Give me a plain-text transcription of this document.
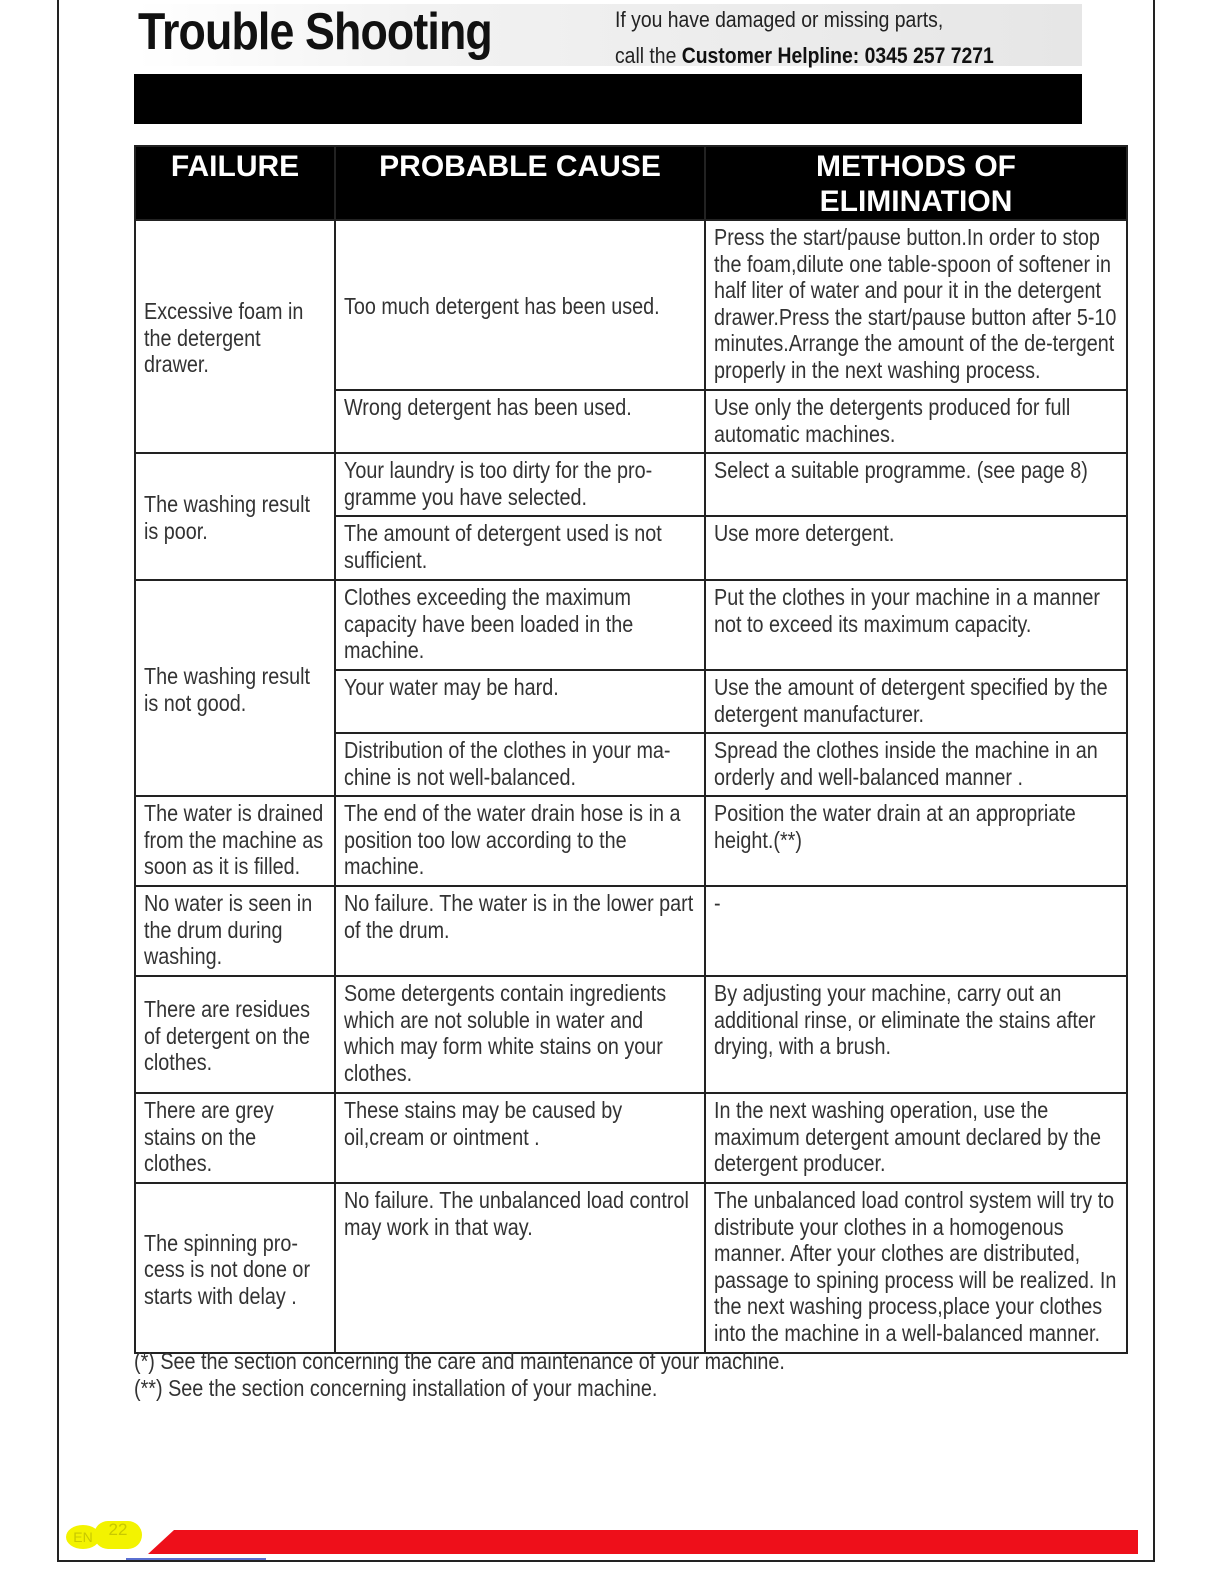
Trouble Shooting	If you have damaged or missing parts,
call the Customer Helpline: 0345 257 7271
FAILURE	PROBABLE CAUSE	METHODS OF ELIMINATION

Excessive foam in the detergent drawer.	Too much detergent has been used.	Press the start/pause button.In order to stop the foam,dilute one table-spoon of softener in half liter of water and pour it in the detergent drawer.Press the start/pause button after 5-10 minutes.Arrange the amount of the de-tergent properly in the next washing process.

	Wrong detergent has been used.	Use only the detergents produced for full automatic machines.

The washing result is poor.	Your laundry is too dirty for the pro-gramme you have selected.	Select a suitable programme. (see page 8)

	The amount of detergent used is not sufficient.	Use more detergent.

The washing result is not good.	Clothes exceeding the maximum capacity have been loaded in the machine.	Put the clothes in your machine in a manner not to exceed its maximum capacity.

	Your water may be hard.	Use the amount of detergent specified by the detergent manufacturer.

	Distribution of the clothes in your ma-chine is not well-balanced.	Spread the clothes inside the machine in an orderly and well-balanced manner .

The water is drained from the machine as soon as it is filled.	The end of the water drain hose is in a position too low according to the machine.	Position the water drain at an appropriate height.(**)

No water is seen in the drum during washing.	No failure. The water is in the lower part of the drum.	-

There are residues of detergent on the clothes.	Some detergents contain ingredients which are not soluble in water and which may form white stains on your clothes.	By adjusting your machine, carry out an additional rinse, or eliminate the stains after drying, with a brush.

There are grey stains on the clothes.	These stains may be caused by oil,cream or ointment .	In the next washing operation, use the maximum detergent amount declared by the detergent producer.

The spinning pro-cess is not done or starts with delay .	No failure. The unbalanced load control may work in that way.	The unbalanced load control system will try to distribute your clothes in a homogenous manner. After your clothes are distributed, passage to spining process will be realized. In the next washing process,place your clothes into the machine in a well-balanced manner.
(*) See the section concerning the care and maintenance of your machine.
(**) See the section concerning installation of your machine.
22
EN
